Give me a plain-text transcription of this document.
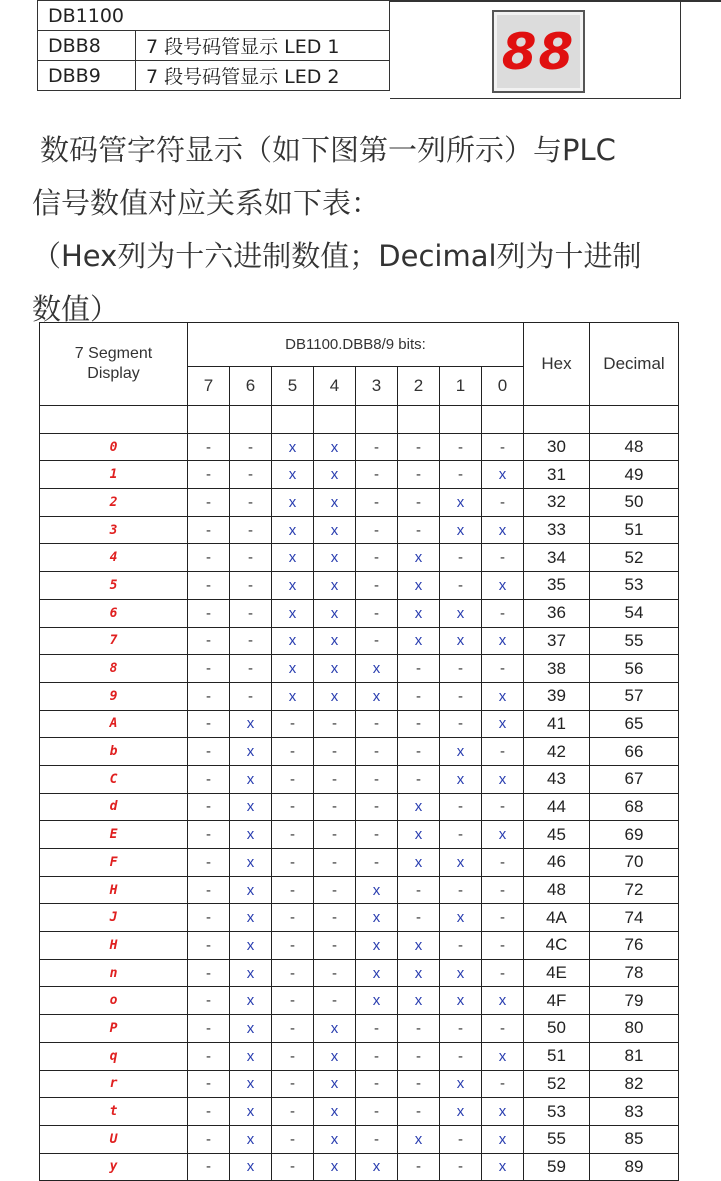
DB1100	
DBB8	7 段号码管显示 LED 1
DBB9	7 段号码管显示 LED 2	88

数码管字符显示（如下图第一列所示）与PLC

信号数值对应关系如下表：

（Hex列为十六进制数值；Decimal列为十进制

数值）

7 Segment Display	DB1100.DBB8/9 bits:								Hex	Decimal
	7	6	5	4	3	2	1	0		

0	-	-	x	x	-	-	-	-	30	48
1	-	-	x	x	-	-	-	x	31	49
2	-	-	x	x	-	-	x	-	32	50
3	-	-	x	x	-	-	x	x	33	51
4	-	-	x	x	-	x	-	-	34	52
5	-	-	x	x	-	x	-	x	35	53
6	-	-	x	x	-	x	x	-	36	54
7	-	-	x	x	-	x	x	x	37	55
8	-	-	x	x	x	-	-	-	38	56
9	-	-	x	x	x	-	-	x	39	57
A	-	x	-	-	-	-	-	x	41	65
b	-	x	-	-	-	-	x	-	42	66
C	-	x	-	-	-	-	x	x	43	67
d	-	x	-	-	-	x	-	-	44	68
E	-	x	-	-	-	x	-	x	45	69
F	-	x	-	-	-	x	x	-	46	70
H	-	x	-	-	x	-	-	-	48	72
J	-	x	-	-	x	-	x	-	4A	74
H	-	x	-	-	x	x	-	-	4C	76
n	-	x	-	-	x	x	x	-	4E	78
o	-	x	-	-	x	x	x	x	4F	79
P	-	x	-	x	-	-	-	-	50	80
q	-	x	-	x	-	-	-	x	51	81
r	-	x	-	x	-	-	x	-	52	82
t	-	x	-	x	-	-	x	x	53	83
U	-	x	-	x	-	x	-	x	55	85
y	-	x	-	x	x	-	-	x	59	89
